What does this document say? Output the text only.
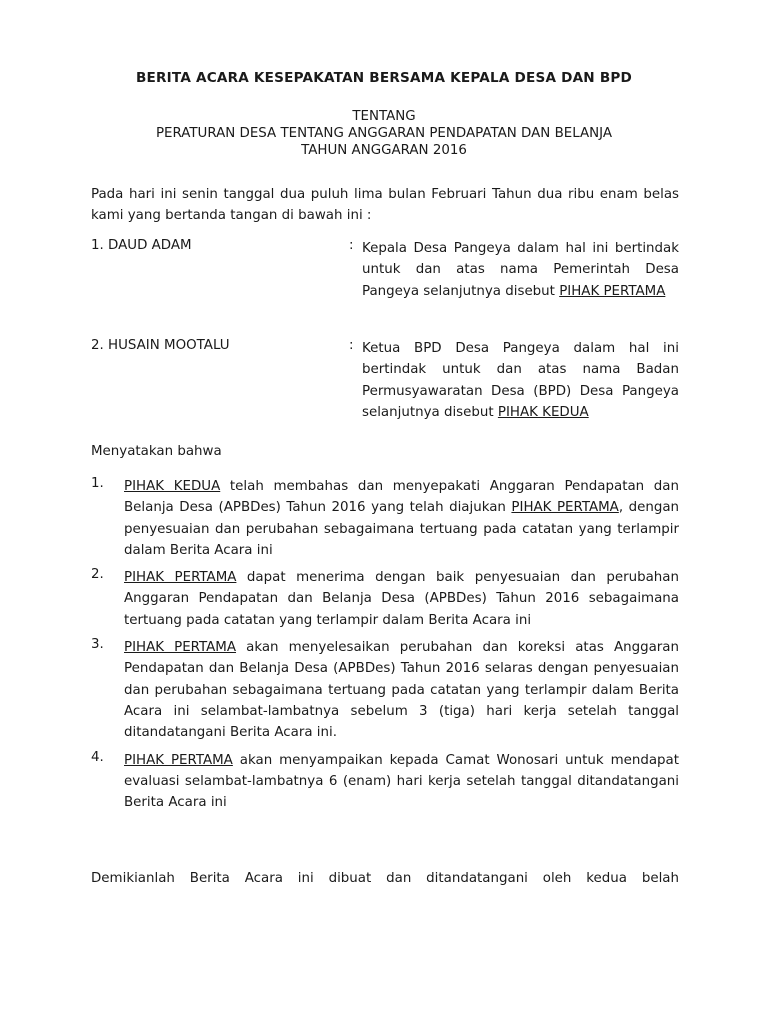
BERITA ACARA KESEPAKATAN BERSAMA KEPALA DESA DAN BPD
TENTANG
PERATURAN DESA TENTANG ANGGARAN PENDAPATAN DAN BELANJA
TAHUN ANGGARAN 2016
Pada hari ini senin tanggal dua puluh lima bulan Februari Tahun dua ribu enam belas kami yang bertanda tangan di bawah ini :
1. DAUD ADAM	: Kepala Desa Pangeya dalam hal ini bertindak untuk dan atas nama Pemerintah Desa Pangeya selanjutnya disebut PIHAK PERTAMA
2. HUSAIN MOOTALU	: Ketua BPD Desa Pangeya dalam hal ini bertindak untuk dan atas nama Badan Permusyawaratan Desa (BPD) Desa Pangeya selanjutnya disebut PIHAK KEDUA
Menyatakan bahwa
1. PIHAK KEDUA telah membahas dan menyepakati Anggaran Pendapatan dan Belanja Desa (APBDes) Tahun 2016 yang telah diajukan PIHAK PERTAMA, dengan penyesuaian dan perubahan sebagaimana tertuang pada catatan yang terlampir dalam Berita Acara ini
2. PIHAK PERTAMA dapat menerima dengan baik penyesuaian dan perubahan Anggaran Pendapatan dan Belanja Desa (APBDes) Tahun 2016 sebagaimana tertuang pada catatan yang terlampir dalam Berita Acara ini
3. PIHAK PERTAMA akan menyelesaikan perubahan dan koreksi atas Anggaran Pendapatan dan Belanja Desa (APBDes) Tahun 2016 selaras dengan penyesuaian dan perubahan sebagaimana tertuang pada catatan yang terlampir dalam Berita Acara ini selambat-lambatnya sebelum 3 (tiga) hari kerja setelah tanggal ditandatangani Berita Acara ini.
4. PIHAK PERTAMA akan menyampaikan kepada Camat Wonosari untuk mendapat evaluasi selambat-lambatnya 6 (enam) hari kerja setelah tanggal ditandatangani Berita Acara ini
Demikianlah Berita Acara ini dibuat dan ditandatangani oleh kedua belah
